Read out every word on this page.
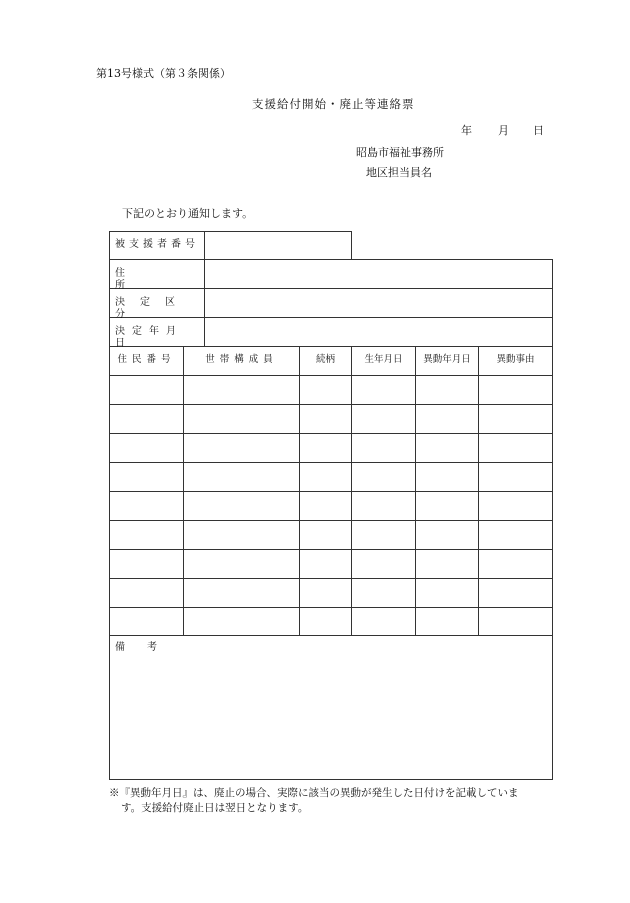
第13号様式（第３条関係）
支援給付開始・廃止等連絡票
年 月 日
昭島市福祉事務所
地区担当員名
下記のとおり通知します。
被支援者番号
住所
決定区分
決定年月日
住民番号	世帯構成員	続柄	生年月日	異動年月日	異動事由
備考
※『異動年月日』は、廃止の場合、実際に該当の異動が発生した日付けを記載していま
す。支援給付廃止日は翌日となります。
